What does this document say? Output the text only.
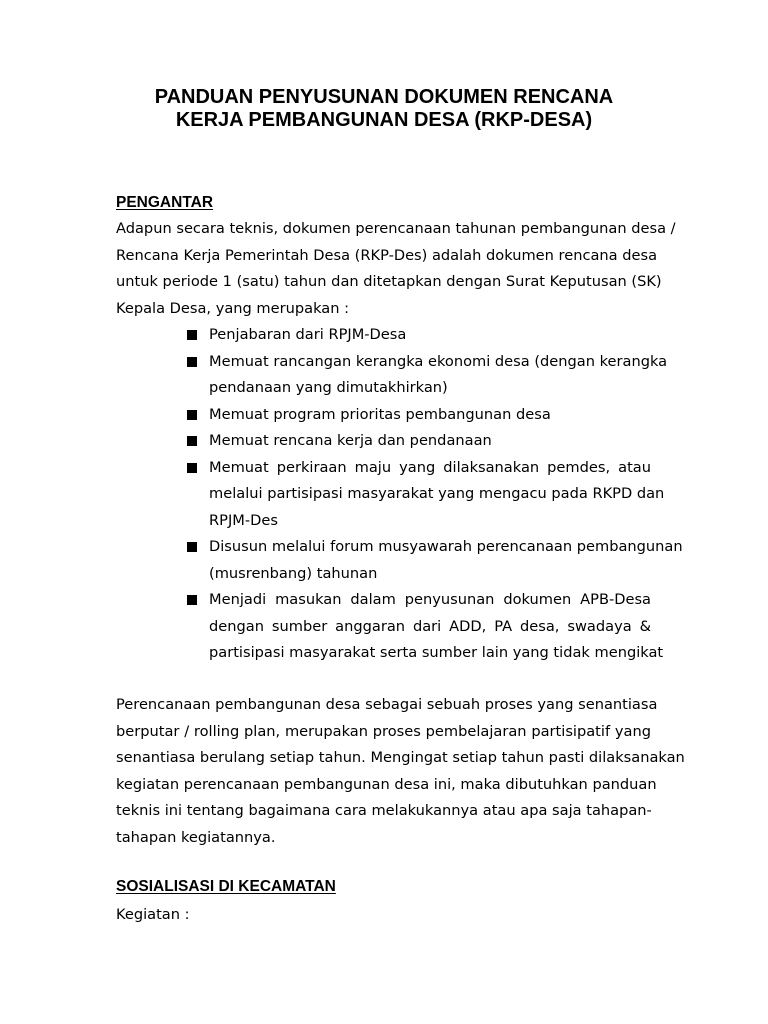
PANDUAN PENYUSUNAN DOKUMEN RENCANA
KERJA PEMBANGUNAN DESA (RKP-DESA)
PENGANTAR
Adapun secara teknis, dokumen perencanaan tahunan pembangunan desa /
Rencana Kerja Pemerintah Desa (RKP-Des) adalah dokumen rencana desa
untuk periode 1 (satu) tahun dan ditetapkan dengan Surat Keputusan (SK)
Kepala Desa, yang merupakan :
Penjabaran dari RPJM-Desa
Memuat rancangan kerangka ekonomi desa (dengan kerangka
pendanaan yang dimutakhirkan)
Memuat program prioritas pembangunan desa
Memuat rencana kerja dan pendanaan
Memuat perkiraan maju yang dilaksanakan pemdes, atau
melalui partisipasi masyarakat yang mengacu pada RKPD dan
RPJM-Des
Disusun melalui forum musyawarah perencanaan pembangunan
(musrenbang) tahunan
Menjadi masukan dalam penyusunan dokumen APB-Desa
dengan sumber anggaran dari ADD, PA desa, swadaya &
partisipasi masyarakat serta sumber lain yang tidak mengikat
Perencanaan pembangunan desa sebagai sebuah proses yang senantiasa
berputar / rolling plan, merupakan proses pembelajaran partisipatif yang
senantiasa berulang setiap tahun. Mengingat setiap tahun pasti dilaksanakan
kegiatan perencanaan pembangunan desa ini, maka dibutuhkan panduan
teknis ini tentang bagaimana cara melakukannya atau apa saja tahapan-
tahapan kegiatannya.
SOSIALISASI DI KECAMATAN
Kegiatan :
